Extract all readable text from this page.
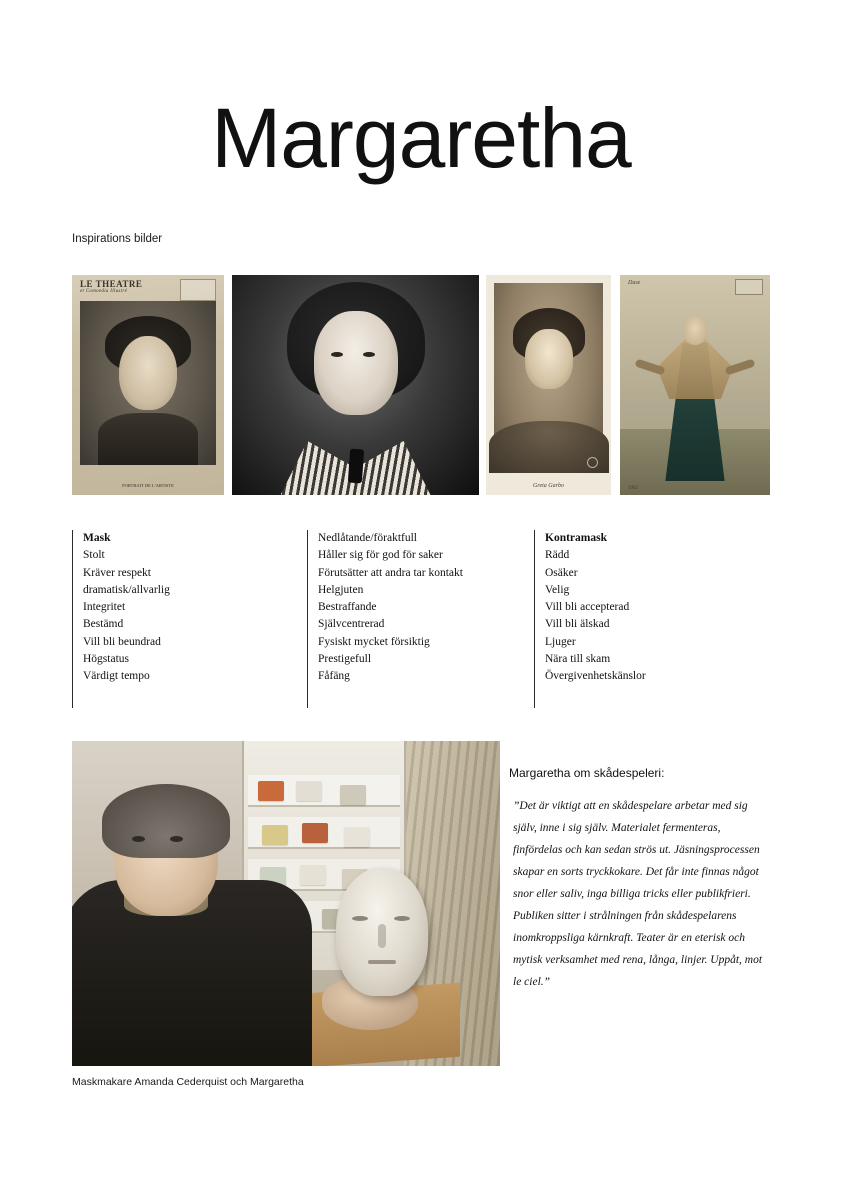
Margaretha
Inspirations bilder
LE THEATRE
et Comoedia Illustré
PORTRAIT DE L'ARTISTE	Greta Garbo
Duse
1902
Mask
Stolt
Kräver respekt
dramatisk/allvarlig
Integritet
Bestämd
Vill bli beundrad
Högstatus
Värdigt tempo
Nedlåtande/föraktfull
Håller sig för god för saker
Förutsätter att andra tar kontakt
Helgjuten
Bestraffande
Självcentrerad
Fysiskt mycket försiktig
Prestigefull
Fåfäng
Kontramask
Rädd
Osäker
Velig
Vill bli accepterad
Vill bli älskad
Ljuger
Nära till skam
Övergivenhetskänslor
Maskmakare Amanda Cederquist och Margaretha
Margaretha om skådespeleri:
”Det är viktigt att en skådespelare arbetar med sig själv, inne i sig själv. Materialet fermenteras, finfördelas och kan sedan strös ut. Jäsningsprocessen skapar en sorts tryckkokare. Det får inte finnas något snor eller saliv, inga billiga tricks eller publikfrieri. Publiken sitter i strålningen från skådespelarens inomkroppsliga kärnkraft. Teater är en eterisk och mytisk verksamhet med rena, långa, linjer. Uppåt, mot le ciel.”
